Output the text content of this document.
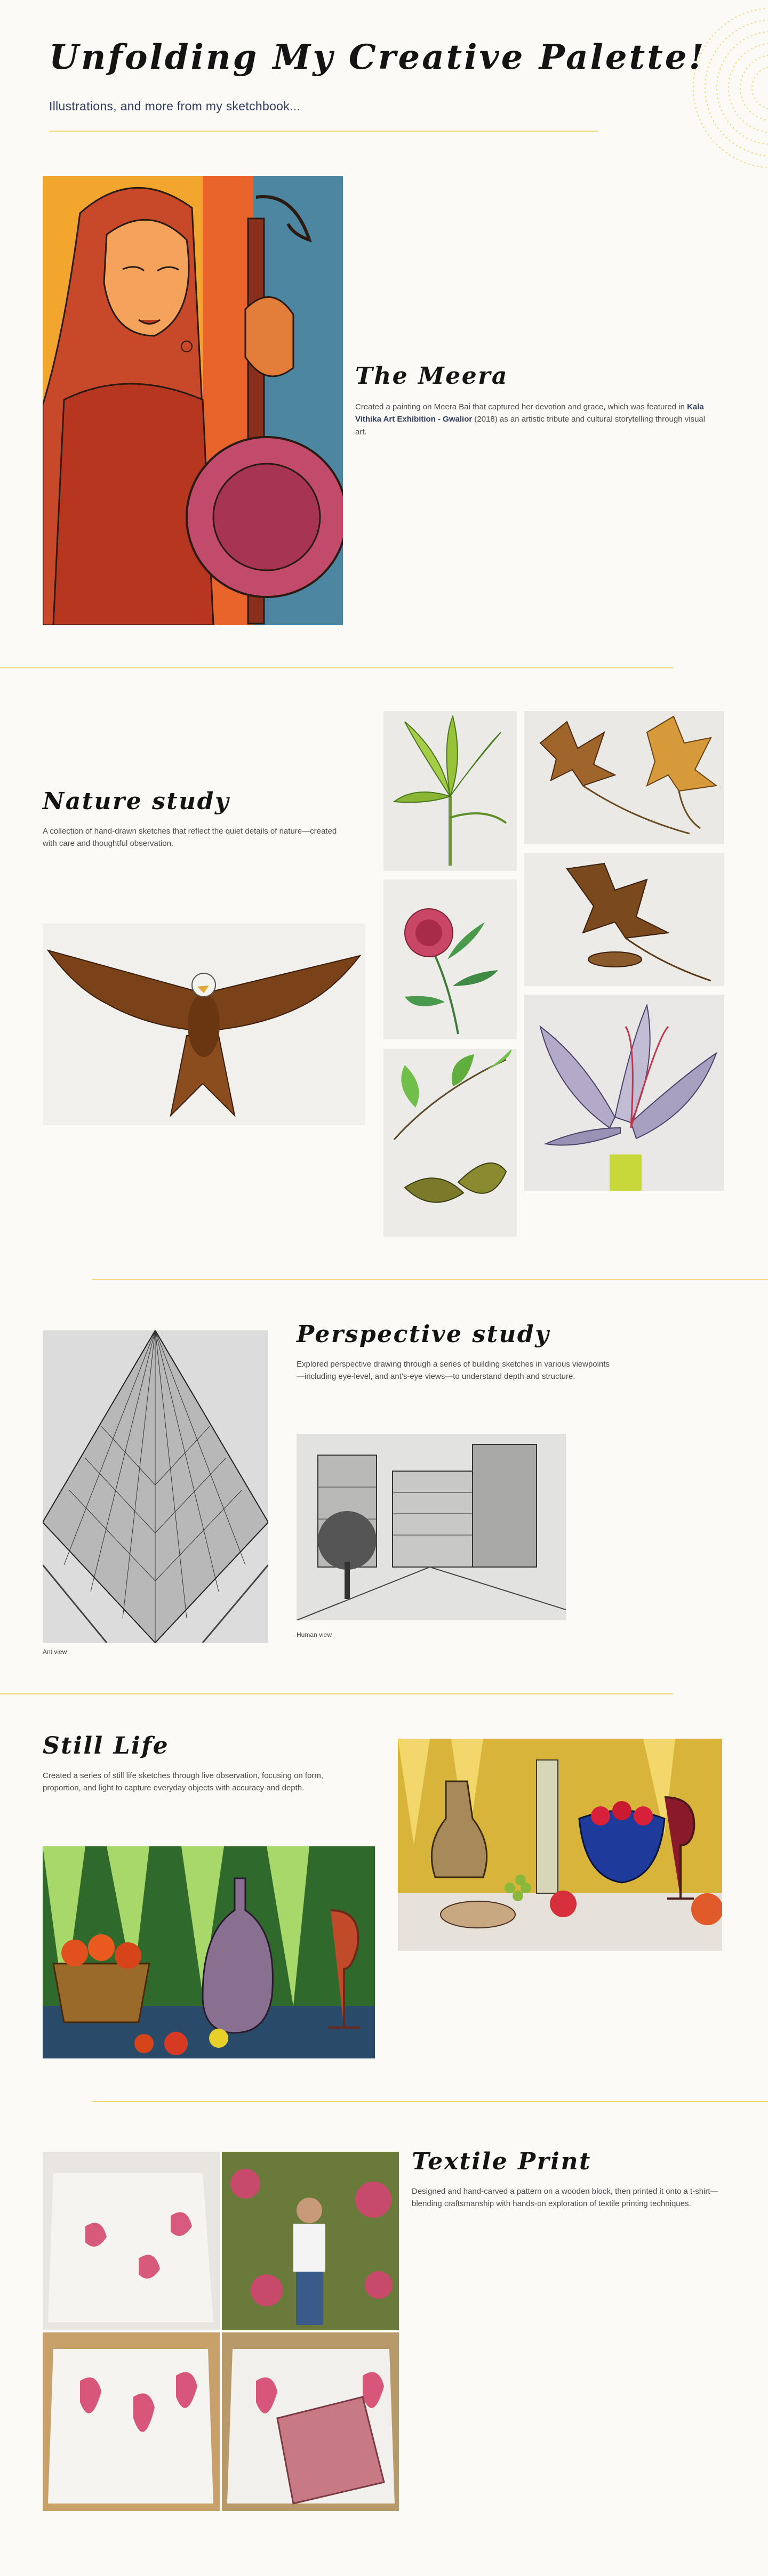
Unfolding My Creative Palette!
Illustrations, and more from my sketchbook...
The Meera

Created a painting on Meera Bai that captured her devotion and grace, which was featured in Kala Vithika Art Exhibition - Gwalior (2018) as an artistic tribute and cultural storytelling through visual art.

Nature study

A collection of hand-drawn sketches that reflect the quiet details of nature—created with care and thoughtful observation.

Ant view
Perspective study

Explored perspective drawing through a series of building sketches in various viewpoints—including eye-level, and ant’s-eye views—to understand depth and structure.

Human view
Still Life

Created a series of still life sketches through live observation, focusing on form, proportion, and light to capture everyday objects with accuracy and depth.

Textile Print

Designed and hand-carved a pattern on a wooden block, then printed it onto a t-shirt—blending craftsmanship with hands-on exploration of textile printing techniques.
